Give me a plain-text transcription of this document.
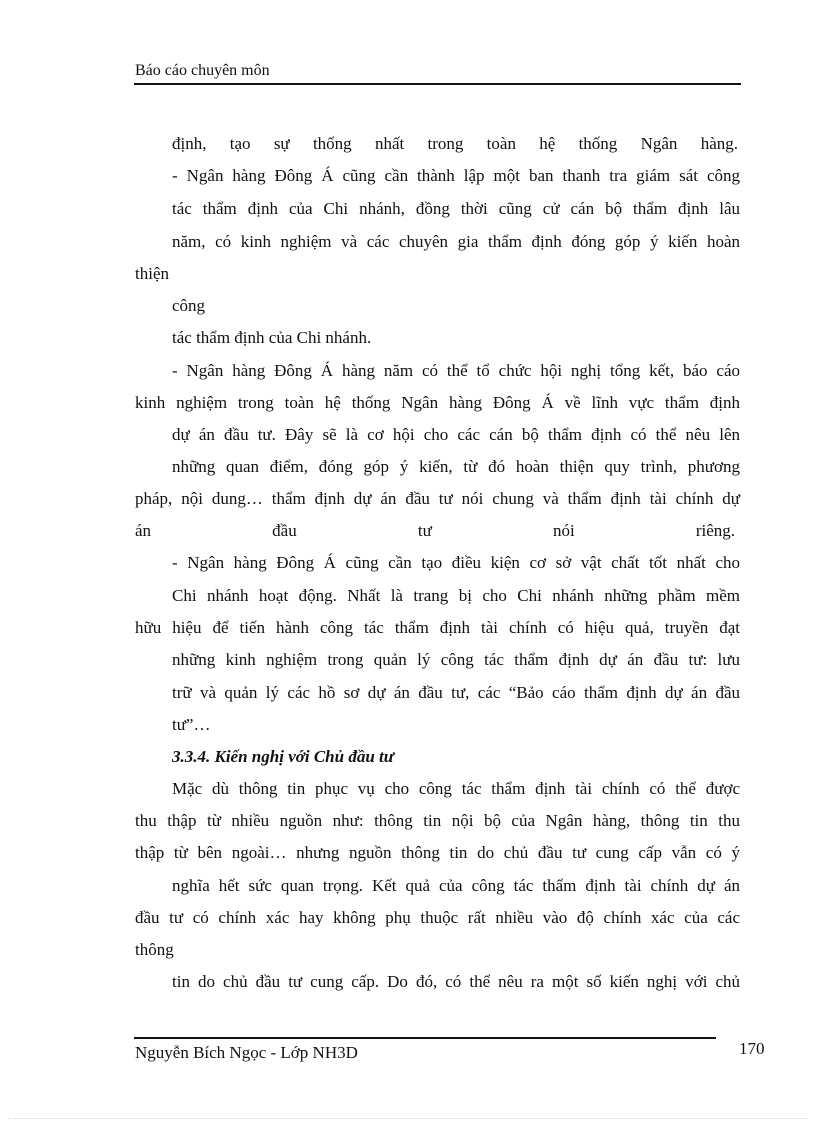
Báo cáo chuyên môn
định, tạo sự thống nhất trong toàn hệ thống Ngân hàng.
- Ngân hàng Đông Á cũng cần thành lập một ban thanh tra giám sát công
tác thẩm định của Chi nhánh, đồng thời cũng cử cán bộ thẩm định lâu
năm, có kinh nghiệm và các chuyên gia thẩm định đóng góp ý kiến hoàn
thiện
công
tác thẩm định của Chi nhánh.
- Ngân hàng Đông Á hàng năm có thể tổ chức hội nghị tổng kết, báo cáo
kinh nghiệm trong toàn hệ thống Ngân hàng Đông Á về lĩnh vực thẩm định
dự án đầu tư. Đây sẽ là cơ hội cho các cán bộ thẩm định có thể nêu lên
những quan điểm, đóng góp ý kiến, từ đó hoàn thiện quy trình, phương
pháp, nội dung… thẩm định dự án đầu tư nói chung và thẩm định tài chính dự
án đầu tư nói riêng.
- Ngân hàng Đông Á cũng cần tạo điều kiện cơ sở vật chất tốt nhất cho
Chi nhánh hoạt động. Nhất là trang bị cho Chi nhánh những phầm mềm
hữu hiệu để tiến hành công tác thẩm định tài chính có hiệu quả, truyền đạt
những kinh nghiệm trong quản lý công tác thẩm định dự án đầu tư: lưu
trữ và quản lý các hồ sơ dự án đầu tư, các “Bảo cáo thẩm định dự án đầu
tư”…
3.3.4. Kiến nghị với Chủ đầu tư
Mặc dù thông tin phục vụ cho công tác thẩm định tài chính có thể được
thu thập từ nhiều nguồn như: thông tin nội bộ của Ngân hàng, thông tin thu
thập từ bên ngoài… nhưng nguồn thông tin do chủ đầu tư cung cấp vẫn có ý
nghĩa hết sức quan trọng. Kết quả của công tác thẩm định tài chính dự án
đầu tư có chính xác hay không phụ thuộc rất nhiều vào độ chính xác của các
thông
tin do chủ đầu tư cung cấp. Do đó, có thể nêu ra một số kiến nghị với chủ
Nguyễn Bích Ngọc - Lớp NH3D	170
